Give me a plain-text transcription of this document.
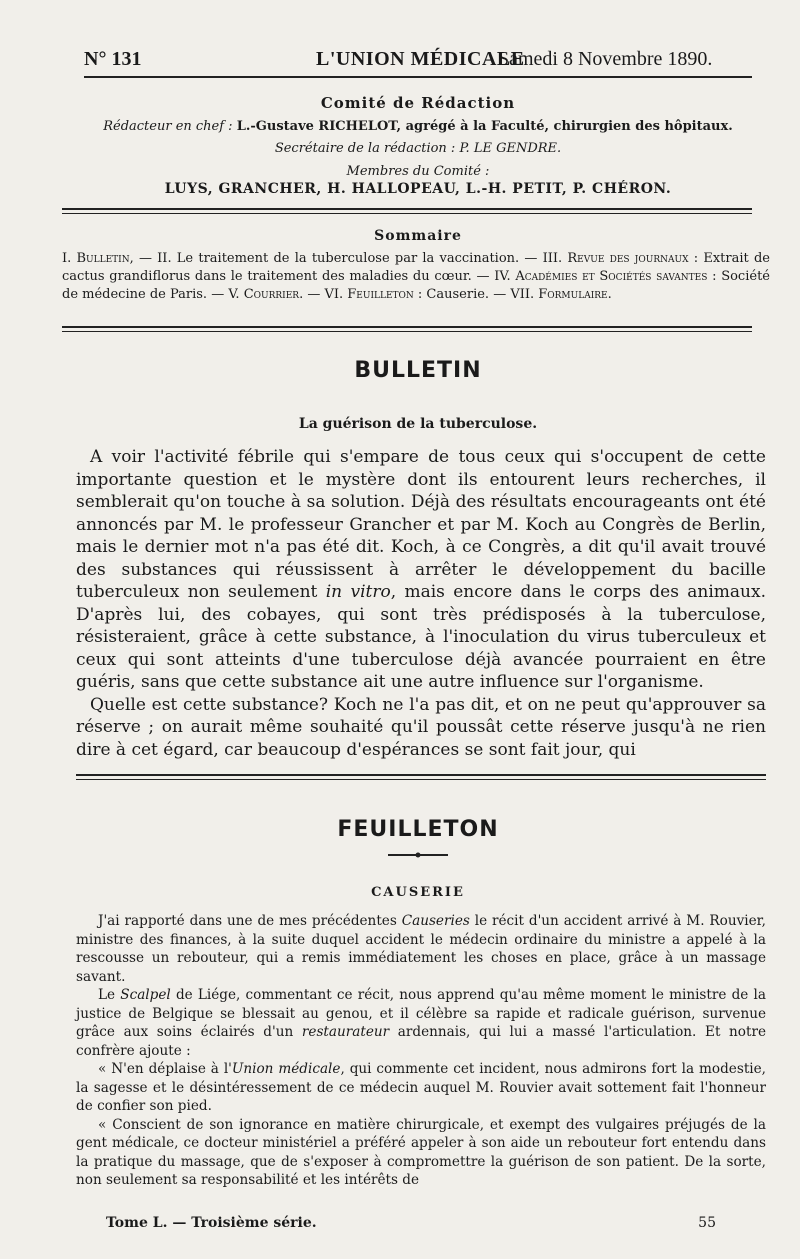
N° 131	L'UNION MÉDICALE
Samedi 8 Novembre 1890.
Comité de Rédaction
Rédacteur en chef : L.-Gustave RICHELOT, agrégé à la Faculté, chirurgien des hôpitaux.
Secrétaire de la rédaction : P. LE GENDRE.
Membres du Comité :
LUYS, GRANCHER, H. HALLOPEAU, L.-H. PETIT, P. CHÉRON.
Sommaire
I. Bulletin, — II. Le traitement de la tuberculose par la vaccination. — III. Revue des journaux : Extrait de cactus grandiflorus dans le traitement des maladies du cœur. — IV. Académies et Sociétés savantes : Société de médecine de Paris. — V. Courrier. — VI. Feuilleton : Causerie. — VII. Formulaire.
BULLETIN
La guérison de la tuberculose.

A voir l'activité fébrile qui s'empare de tous ceux qui s'occupent de cette importante question et le mystère dont ils entourent leurs recherches, il semblerait qu'on touche à sa solution. Déjà des résultats encourageants ont été annoncés par M. le professeur Grancher et par M. Koch au Congrès de Berlin, mais le dernier mot n'a pas été dit. Koch, à ce Congrès, a dit qu'il avait trouvé des substances qui réussissent à arrêter le développement du bacille tuberculeux non seulement in vitro, mais encore dans le corps des animaux. D'après lui, des cobayes, qui sont très prédisposés à la tuberculose, résisteraient, grâce à cette substance, à l'inoculation du virus tuberculeux et ceux qui sont atteints d'une tuberculose déjà avancée pourraient en être guéris, sans que cette substance ait une autre influence sur l'organisme.

Quelle est cette substance? Koch ne l'a pas dit, et on ne peut qu'approuver sa réserve ; on aurait même souhaité qu'il poussât cette réserve jusqu'à ne rien dire à cet égard, car beaucoup d'espérances se sont fait jour, qui

FEUILLETON
CAUSERIE

J'ai rapporté dans une de mes précédentes Causeries le récit d'un accident arrivé à M. Rouvier, ministre des finances, à la suite duquel accident le médecin ordinaire du ministre a appelé à la rescousse un rebouteur, qui a remis immédiatement les choses en place, grâce à un massage savant.

Le Scalpel de Liége, commentant ce récit, nous apprend qu'au même moment le ministre de la justice de Belgique se blessait au genou, et il célèbre sa rapide et radicale guérison, survenue grâce aux soins éclairés d'un restaurateur ardennais, qui lui a massé l'articulation. Et notre confrère ajoute :

« N'en déplaise à l'Union médicale, qui commente cet incident, nous admirons fort la modestie, la sagesse et le désintéressement de ce médecin auquel M. Rouvier avait sottement fait l'honneur de confier son pied.

« Conscient de son ignorance en matière chirurgicale, et exempt des vulgaires préjugés de la gent médicale, ce docteur ministériel a préféré appeler à son aide un rebouteur fort entendu dans la pratique du massage, que de s'exposer à compromettre la guérison de son patient. De la sorte, non seulement sa responsabilité et les intérêts de

Tome L. — Troisième série.	55
